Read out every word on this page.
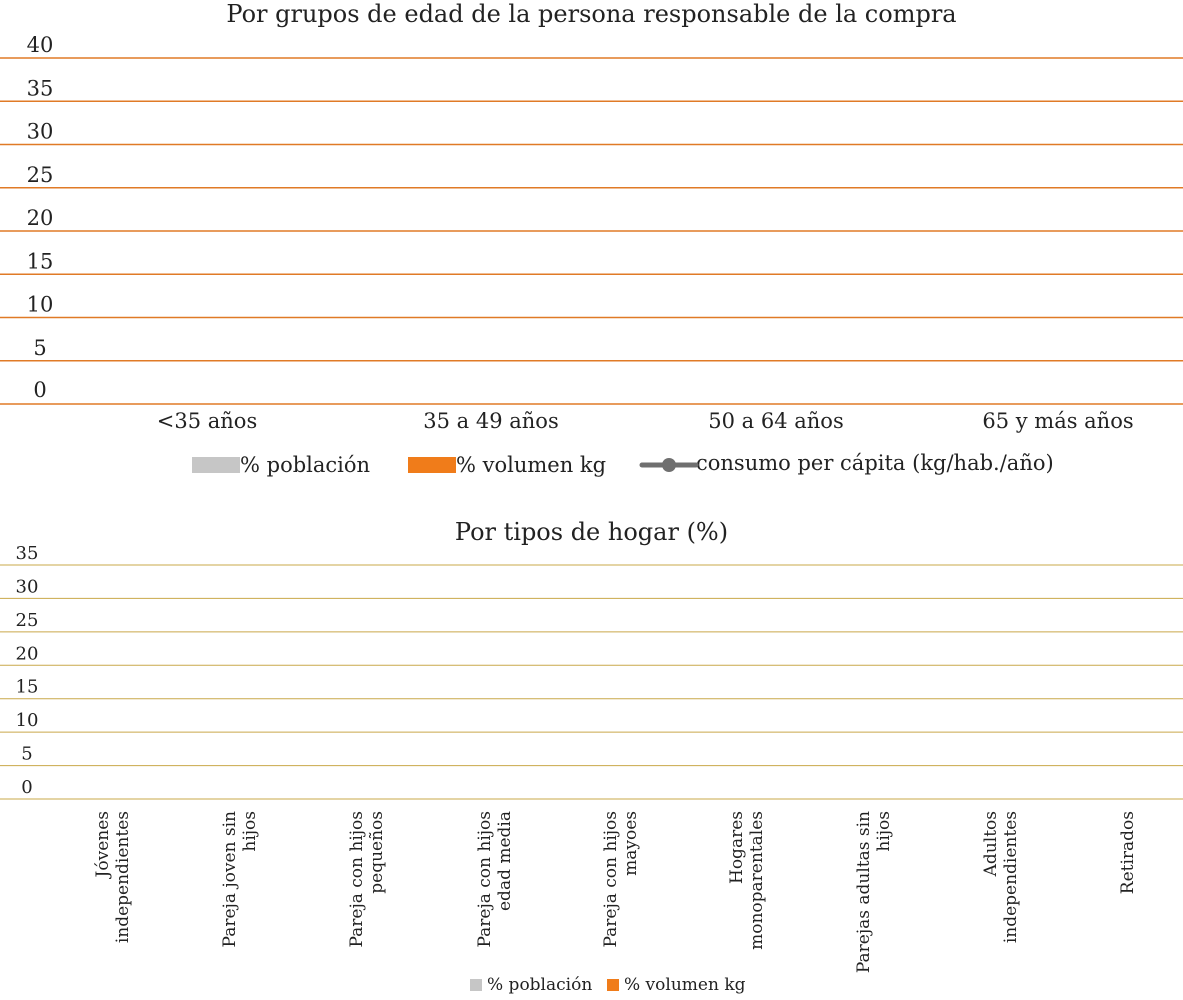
Por grupos de edad de la persona responsable de la compra
0
5
10
15
20
25
30
35
40
<35 años	35 a 49 años	50 a 64 años	65 y más años
% población	% volumen kg	consumo per cápita (kg/hab./año)
Por tipos de hogar (%)
0
5
10
15
20
25
30
35
Jóvenes independientes	Pareja joven sin hijos	Pareja con hijos pequeños	Pareja con hijos edad media	Pareja con hijos mayoes	Hogares monoparentales	Parejas adultas sin hijos	Adultos independientes	Retirados
% población % volumen kg
